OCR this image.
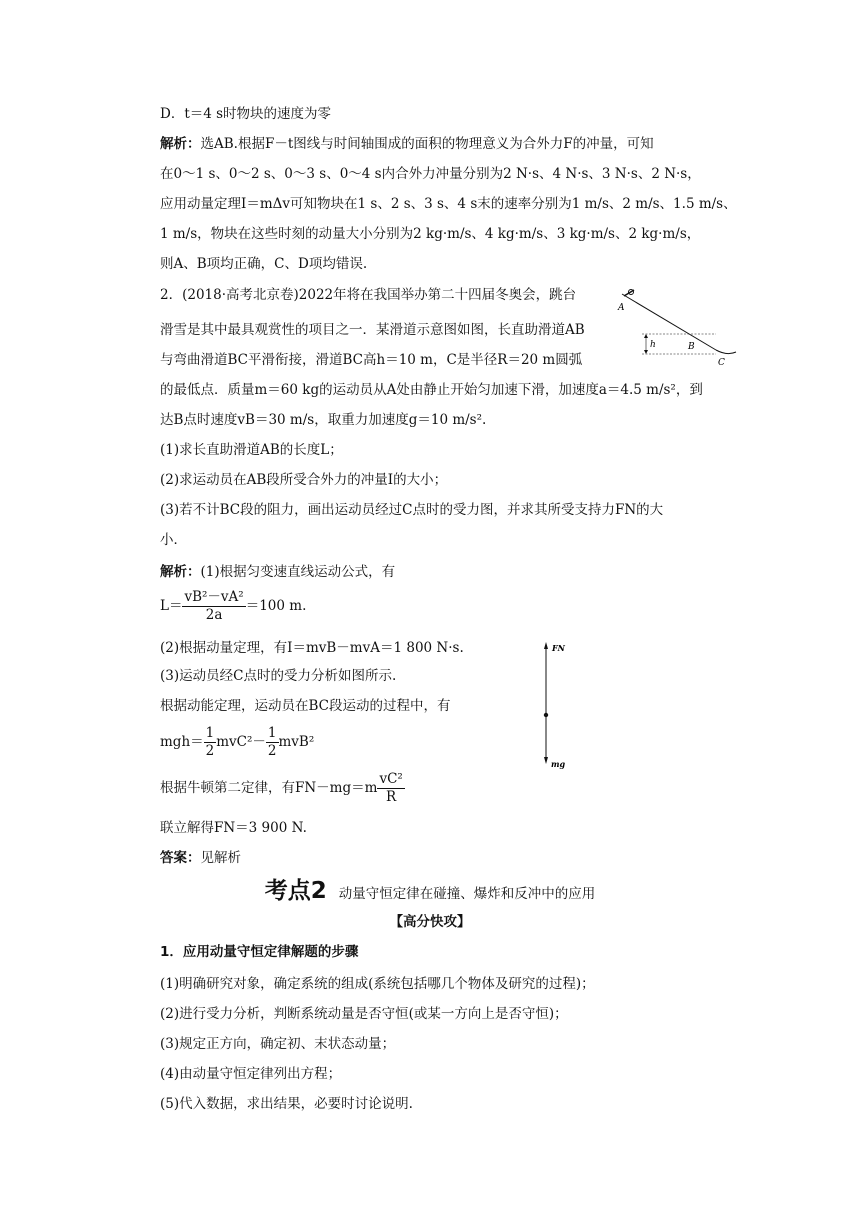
D．t＝4 s时物块的速度为零
解析：选AB.根据F－t图线与时间轴围成的面积的物理意义为合外力F的冲量，可知
在0～1 s、0～2 s、0～3 s、0～4 s内合外力冲量分别为2 N·s、4 N·s、3 N·s、2 N·s，
应用动量定理I＝mΔv可知物块在1 s、2 s、3 s、4 s末的速率分别为1 m/s、2 m/s、1.5 m/s、
1 m/s，物块在这些时刻的动量大小分别为2 kg·m/s、4 kg·m/s、3 kg·m/s、2 kg·m/s，
则A、B项均正确，C、D项均错误.
2．(2018·高考北京卷)2022年将在我国举办第二十四届冬奥会，跳台
滑雪是其中最具观赏性的项目之一．某滑道示意图如图，长直助滑道AB
与弯曲滑道BC平滑衔接，滑道BC高h＝10 m，C是半径R＝20 m圆弧
的最低点．质量m＝60 kg的运动员从A处由静止开始匀加速下滑，加速度a＝4.5 m/s²，到
达B点时速度vB＝30 m/s，取重力加速度g＝10 m/s².
(1)求长直助滑道AB的长度L；
(2)求运动员在AB段所受合外力的冲量I的大小；
(3)若不计BC段的阻力，画出运动员经过C点时的受力图，并求其所受支持力FN的大
小．
A
B
C
h
解析：(1)根据匀变速直线运动公式，有
$L= \frac{\text{vB²－vA²}}{2a} =100$ m.
(2)根据动量定理，有I＝mvB－mvA＝1 800 N·s.
(3)运动员经C点时的受力分析如图所示.
根据动能定理，运动员在BC段运动的过程中，有
$mgh= \frac{1}{2} mvC^2- \frac{1}{2} mvB^2$
根据牛顿第二定律，有$FN-mg=m \frac{\text{vC²}}{R}$
联立解得FN＝3 900 N.
答案：见解析
FN
mg
考点2 动量守恒定律在碰撞、爆炸和反冲中的应用
【高分快攻】
1．应用动量守恒定律解题的步骤
(1)明确研究对象，确定系统的组成(系统包括哪几个物体及研究的过程)；
(2)进行受力分析，判断系统动量是否守恒(或某一方向上是否守恒)；
(3)规定正方向，确定初、末状态动量；
(4)由动量守恒定律列出方程；
(5)代入数据，求出结果，必要时讨论说明.
